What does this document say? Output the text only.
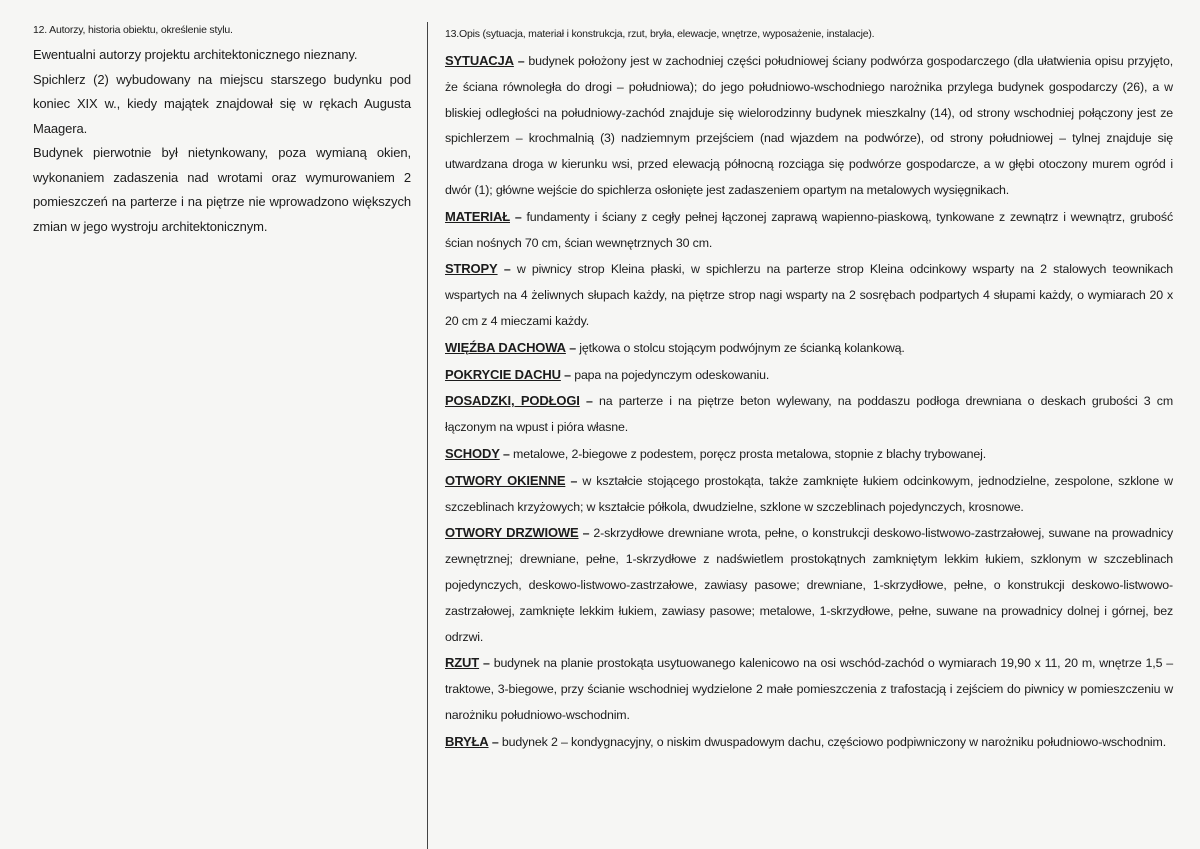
12. Autorzy, historia obiektu, określenie stylu.

Ewentualni autorzy projektu architektonicznego nieznany.

Spichlerz (2) wybudowany na miejscu starszego budynku pod koniec XIX w., kiedy majątek znajdował się w rękach Augusta Maagera.

Budynek pierwotnie był nietynkowany, poza wymianą okien, wykonaniem zadaszenia nad wrotami oraz wymurowaniem 2 pomieszczeń na parterze i na piętrze nie wprowadzono większych zmian w jego wystroju architektonicznym.

13.Opis (sytuacja, materiał i konstrukcja, rzut, bryła, elewacje, wnętrze, wyposażenie, instalacje).

SYTUACJA – budynek położony jest w zachodniej części południowej ściany podwórza gospodarczego (dla ułatwienia opisu przyjęto, że ściana równoległa do drogi – południowa); do jego południowo-wschodniego narożnika przylega budynek gospodarczy (26), a w bliskiej odległości na południowy-zachód znajduje się wielorodzinny budynek mieszkalny (14), od strony wschodniej połączony jest ze spichlerzem – krochmalnią (3) nadziemnym przejściem (nad wjazdem na podwórze), od strony południowej – tylnej znajduje się utwardzana droga w kierunku wsi, przed elewacją północną rozciąga się podwórze gospodarcze, a w głębi otoczony murem ogród i dwór (1); główne wejście do spichlerza osłonięte jest zadaszeniem opartym na metalowych wysięgnikach.

MATERIAŁ – fundamenty i ściany z cegły pełnej łączonej zaprawą wapienno-piaskową, tynkowane z zewnątrz i wewnątrz, grubość ścian nośnych 70 cm, ścian wewnętrznych 30 cm.

STROPY – w piwnicy strop Kleina płaski, w spichlerzu na parterze strop Kleina odcinkowy wsparty na 2 stalowych teownikach wspartych na 4 żeliwnych słupach każdy, na piętrze strop nagi wsparty na 2 sosrębach podpartych 4 słupami każdy, o wymiarach 20 x 20 cm z 4 mieczami każdy.

WIĘŹBA DACHOWA – jętkowa o stolcu stojącym podwójnym ze ścianką kolankową.

POKRYCIE DACHU – papa na pojedynczym odeskowaniu.

POSADZKI, PODŁOGI – na parterze i na piętrze beton wylewany, na poddaszu podłoga drewniana o deskach grubości 3 cm łączonym na wpust i pióra własne.

SCHODY – metalowe, 2-biegowe z podestem, poręcz prosta metalowa, stopnie z blachy trybowanej.

OTWORY OKIENNE – w kształcie stojącego prostokąta, także zamknięte łukiem odcinkowym, jednodzielne, zespolone, szklone w szczeblinach krzyżowych; w kształcie półkola, dwudzielne, szklone w szczeblinach pojedynczych, krosnowe.

OTWORY DRZWIOWE – 2-skrzydłowe drewniane wrota, pełne, o konstrukcji deskowo-listwowo-zastrzałowej, suwane na prowadnicy zewnętrznej; drewniane, pełne, 1-skrzydłowe z nadświetlem prostokątnych zamkniętym lekkim łukiem, szklonym w szczeblinach pojedynczych, deskowo-listwowo-zastrzałowe, zawiasy pasowe; drewniane, 1-skrzydłowe, pełne, o konstrukcji deskowo-listwowo-zastrzałowej, zamknięte lekkim łukiem, zawiasy pasowe; metalowe, 1-skrzydłowe, pełne, suwane na prowadnicy dolnej i górnej, bez odrzwi.

RZUT – budynek na planie prostokąta usytuowanego kalenicowo na osi wschód-zachód o wymiarach 19,90 x 11, 20 m, wnętrze 1,5 – traktowe, 3-biegowe, przy ścianie wschodniej wydzielone 2 małe pomieszczenia z trafostacją i zejściem do piwnicy w pomieszczeniu w narożniku południowo-wschodnim.

BRYŁA – budynek 2 – kondygnacyjny, o niskim dwuspadowym dachu, częściowo podpiwniczony w narożniku południowo-wschodnim.
